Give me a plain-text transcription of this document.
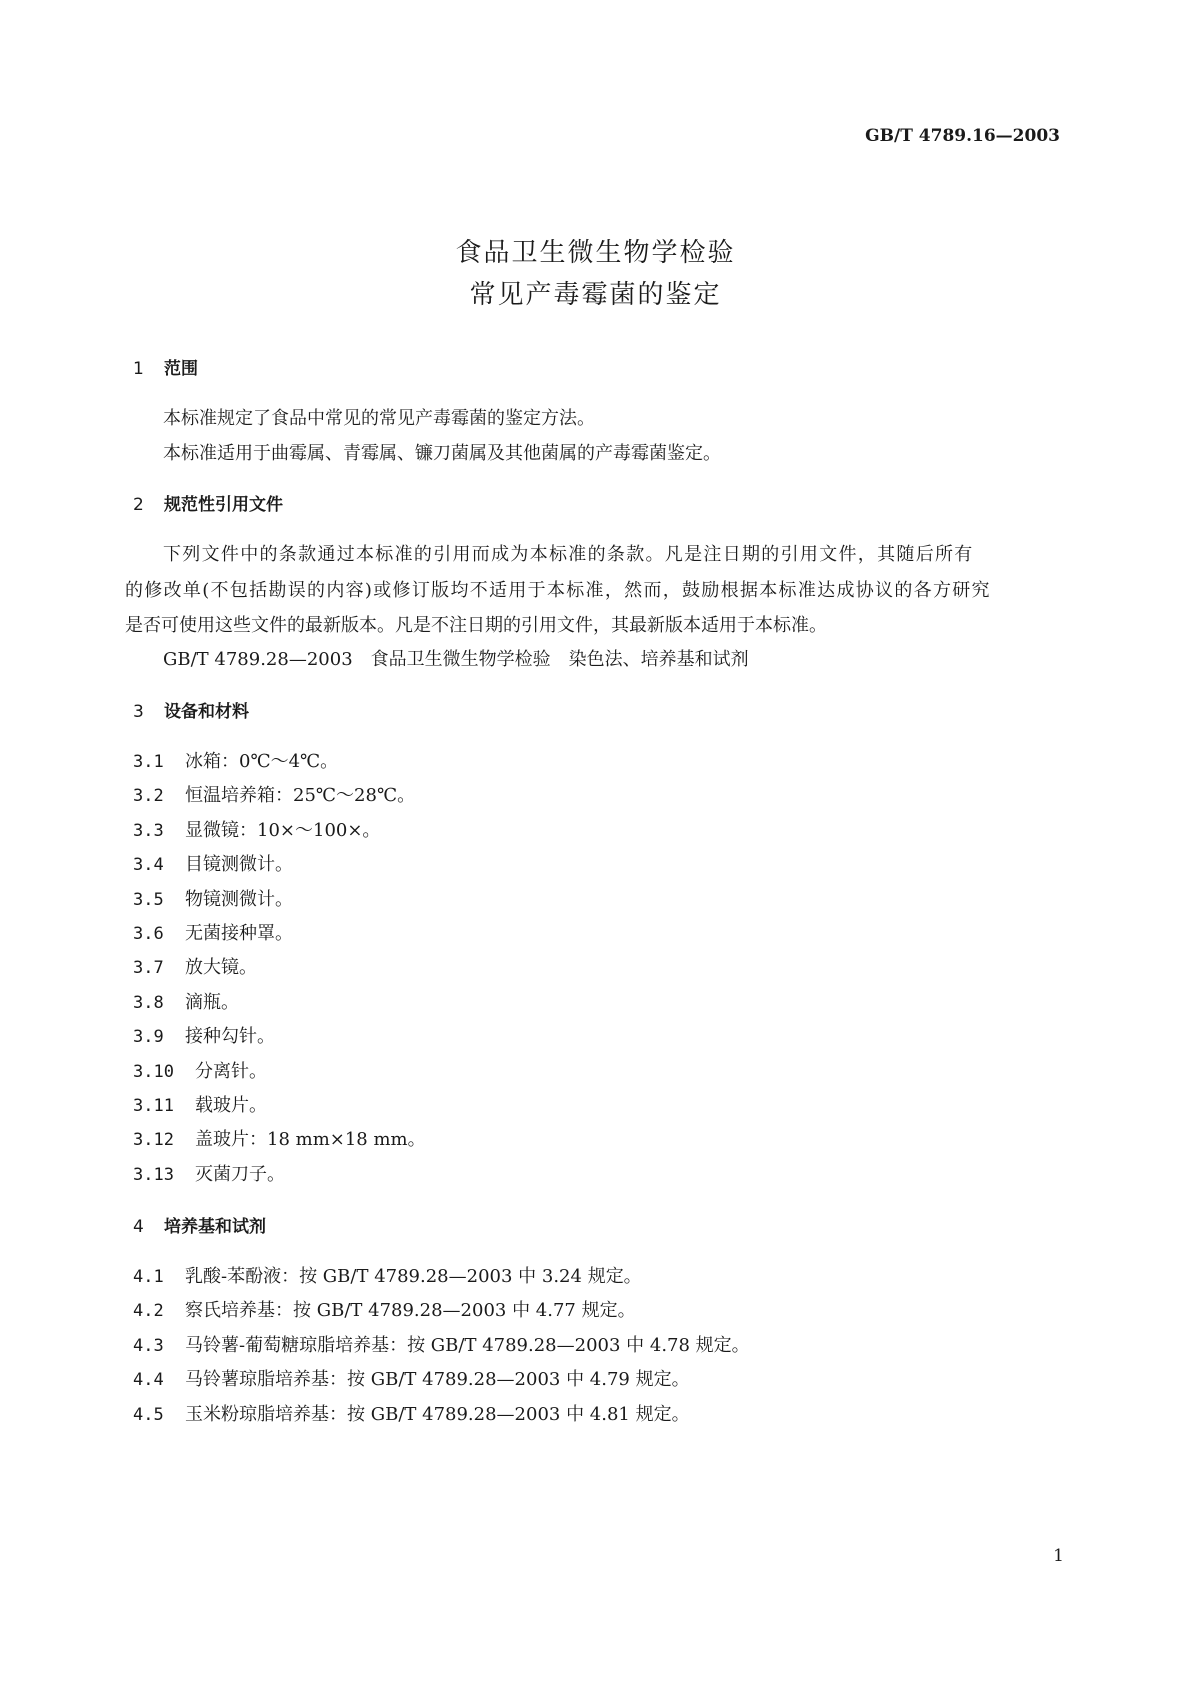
GB/T 4789.16—2003
食品卫生微生物学检验
常见产毒霉菌的鉴定
1 范围
本标准规定了食品中常见的常见产毒霉菌的鉴定方法。
本标准适用于曲霉属、青霉属、镰刀菌属及其他菌属的产毒霉菌鉴定。
2 规范性引用文件
下列文件中的条款通过本标准的引用而成为本标准的条款。凡是注日期的引用文件，其随后所有
的修改单(不包括勘误的内容)或修订版均不适用于本标准，然而，鼓励根据本标准达成协议的各方研究
是否可使用这些文件的最新版本。凡是不注日期的引用文件，其最新版本适用于本标准。
GB/T 4789.28—2003　食品卫生微生物学检验　染色法、培养基和试剂
3 设备和材料
3.1 冰箱：0℃～4℃。
3.2 恒温培养箱：25℃～28℃。
3.3 显微镜：10×～100×。
3.4 目镜测微计。
3.5 物镜测微计。
3.6 无菌接种罩。
3.7 放大镜。
3.8 滴瓶。
3.9 接种勾针。
3.10 分离针。
3.11 载玻片。
3.12 盖玻片：18 mm×18 mm。
3.13 灭菌刀子。
4 培养基和试剂
4.1 乳酸-苯酚液：按 GB/T 4789.28—2003 中 3.24 规定。
4.2 察氏培养基：按 GB/T 4789.28—2003 中 4.77 规定。
4.3 马铃薯-葡萄糖琼脂培养基：按 GB/T 4789.28—2003 中 4.78 规定。
4.4 马铃薯琼脂培养基：按 GB/T 4789.28—2003 中 4.79 规定。
4.5 玉米粉琼脂培养基：按 GB/T 4789.28—2003 中 4.81 规定。
1
